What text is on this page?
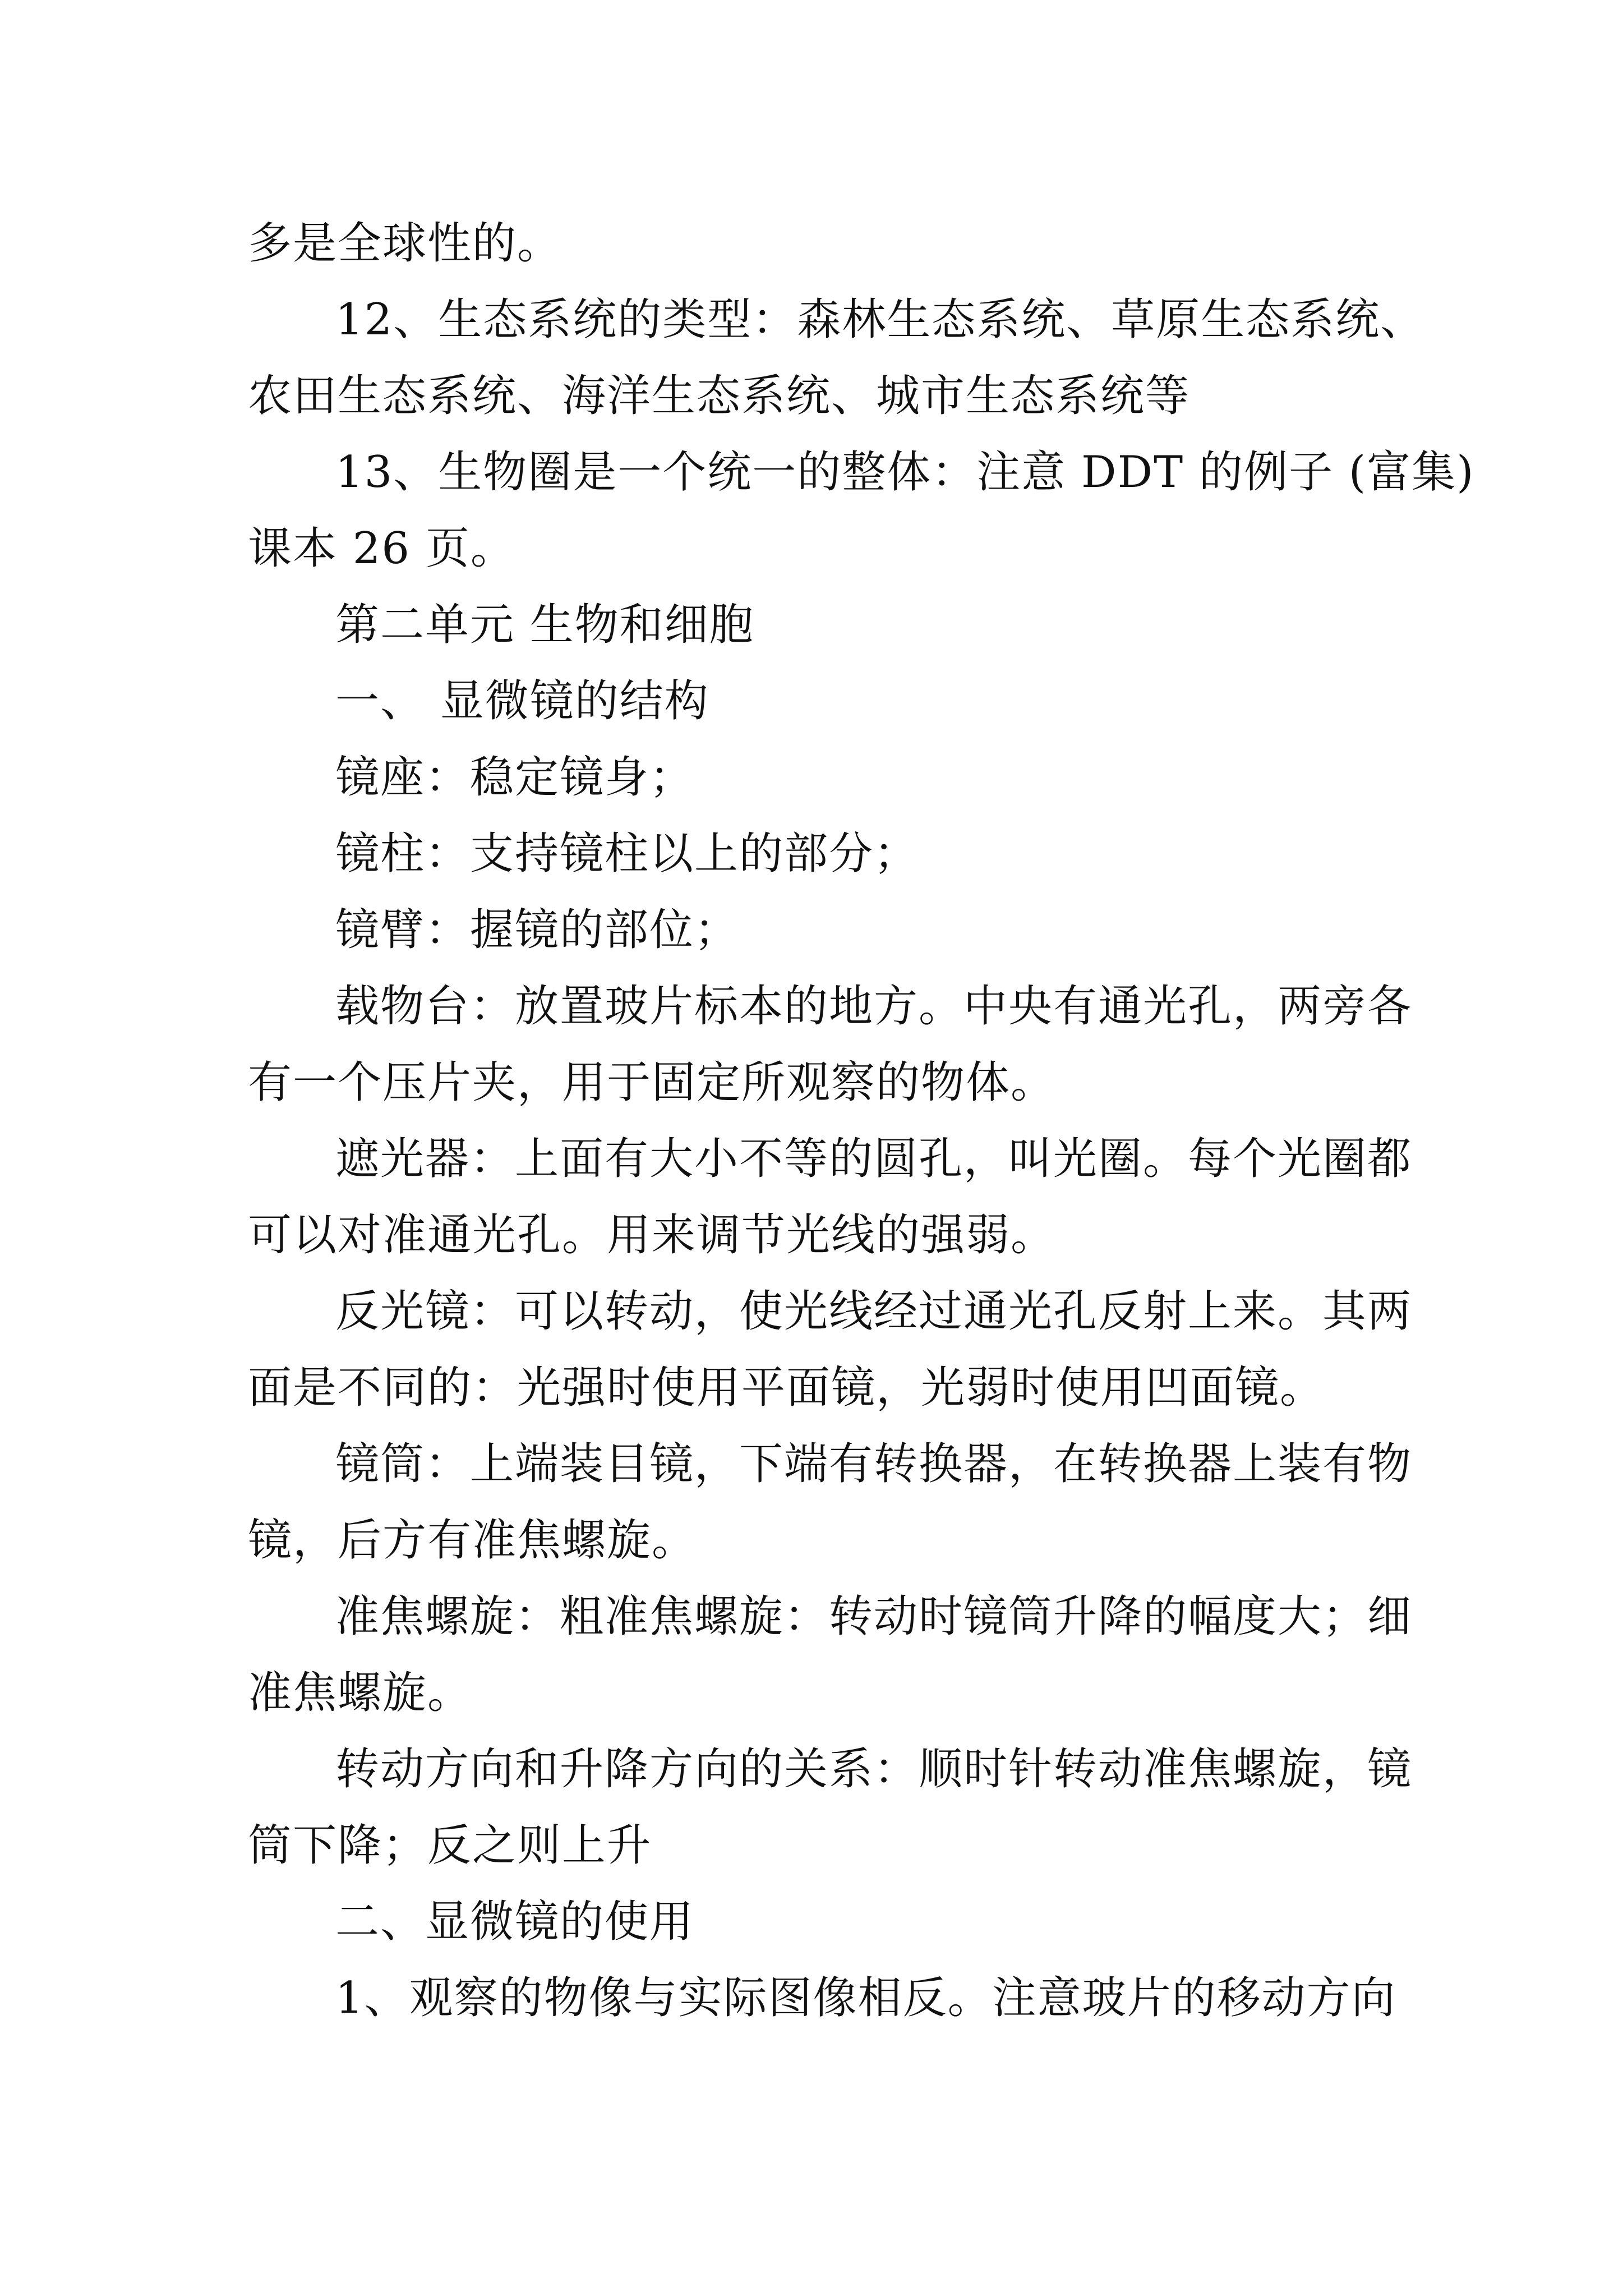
多是全球性的。
12、生态系统的类型：森林生态系统、草原生态系统、
农田生态系统、海洋生态系统、城市生态系统等
13、生物圈是一个统一的整体：注意 DDT 的例子 (富集)
课本 26 页。
第二单元 生物和细胞
一、 显微镜的结构
镜座：稳定镜身；
镜柱：支持镜柱以上的部分；
镜臂：握镜的部位；
载物台：放置玻片标本的地方。中央有通光孔，两旁各
有一个压片夹，用于固定所观察的物体。
遮光器：上面有大小不等的圆孔，叫光圈。每个光圈都
可以对准通光孔。用来调节光线的强弱。
反光镜：可以转动，使光线经过通光孔反射上来。其两
面是不同的：光强时使用平面镜，光弱时使用凹面镜。
镜筒：上端装目镜，下端有转换器，在转换器上装有物
镜，后方有准焦螺旋。
准焦螺旋：粗准焦螺旋：转动时镜筒升降的幅度大；细
准焦螺旋。
转动方向和升降方向的关系：顺时针转动准焦螺旋，镜
筒下降；反之则上升
二、显微镜的使用
1、观察的物像与实际图像相反。注意玻片的移动方向
